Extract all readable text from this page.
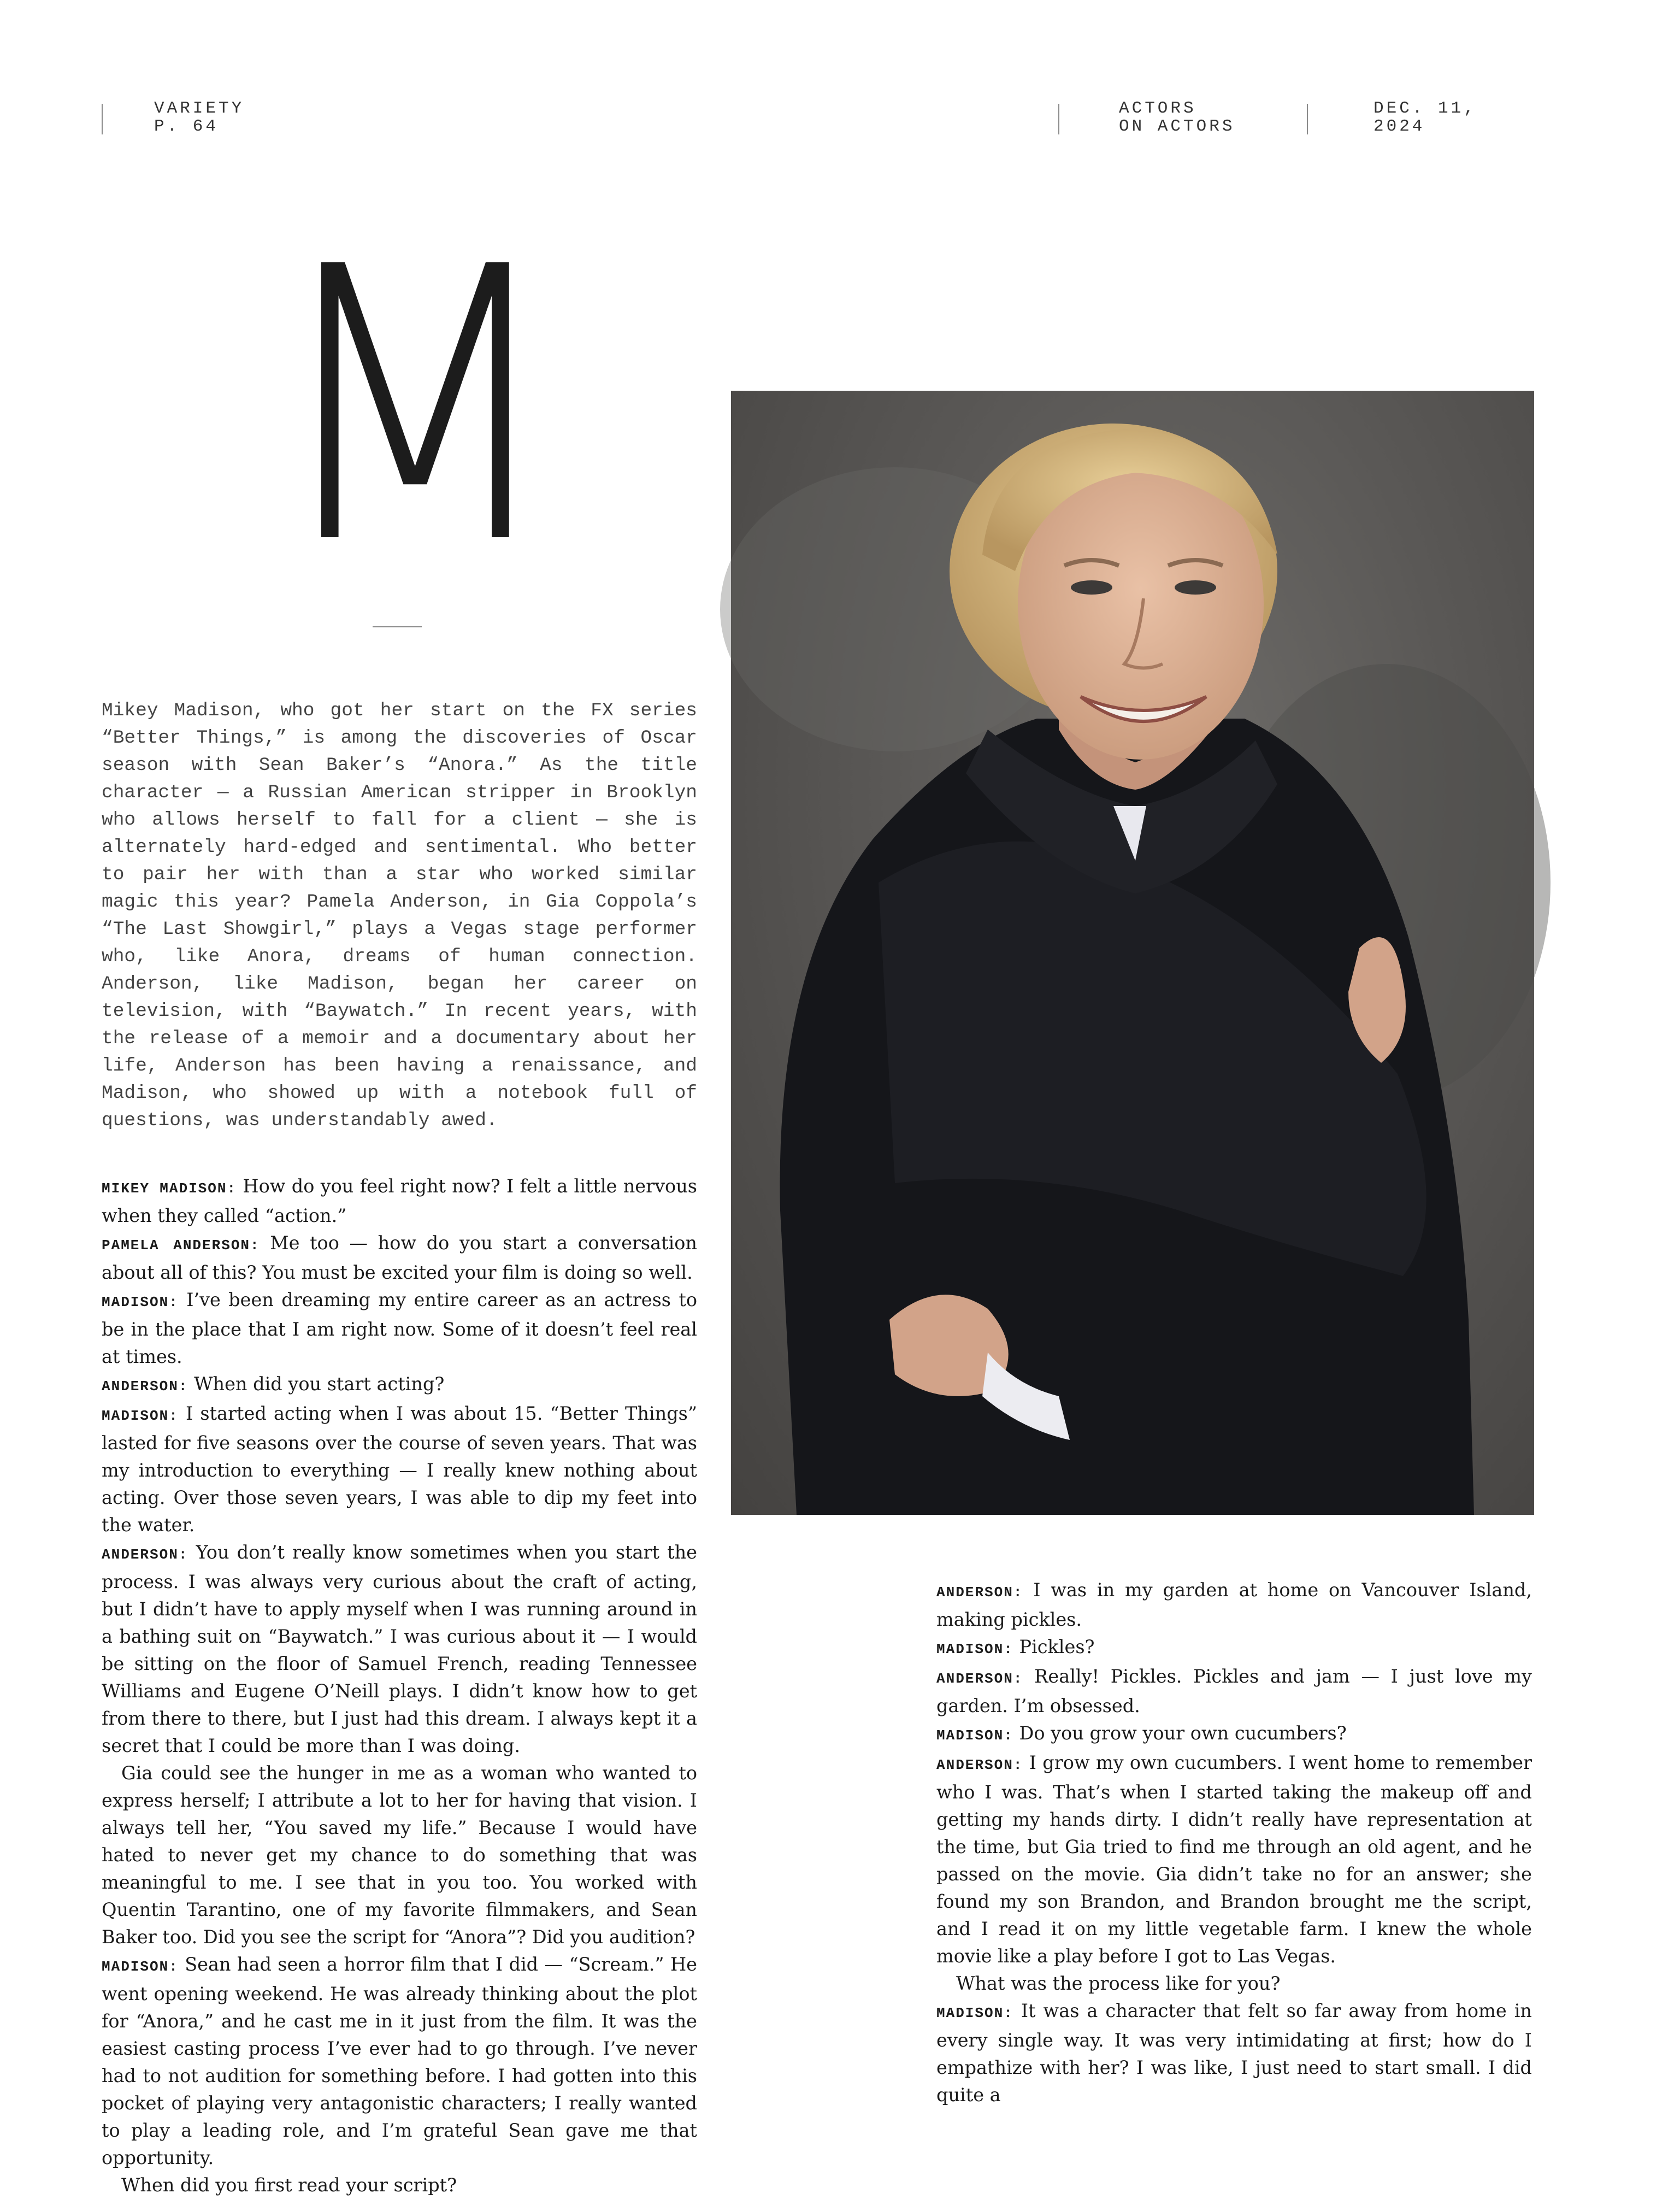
VARIETY
P. 64
ACTORS
ON ACTORS
DEC. 11,
2024
M

Mikey Madison, who got her start on the FX series “Better Things,” is among the discoveries of Oscar season with Sean Baker’s “Anora.” As the title character — a Russian American stripper in Brooklyn who allows herself to fall for a client — she is alternately hard-edged and sentimental. Who better to pair her with than a star who worked similar magic this year? Pamela Anderson, in Gia Coppola’s “The Last Showgirl,” plays a Vegas stage performer who, like Anora, dreams of human connection. Anderson, like Madison, began her career on television, with “Baywatch.” In recent years, with the release of a memoir and a documentary about her life, Anderson has been having a renaissance, and Madison, who showed up with a notebook full of questions, was understandably awed.

MIKEY MADISON: How do you feel right now? I felt a little nervous when they called “action.”

PAMELA ANDERSON: Me too — how do you start a conversation about all of this? You must be excited your film is doing so well.

MADISON: I’ve been dreaming my entire career as an actress to be in the place that I am right now. Some of it doesn’t feel real at times.

ANDERSON: When did you start acting?

MADISON: I started acting when I was about 15. “Better Things” lasted for five seasons over the course of seven years. That was my introduction to everything — I really knew nothing about acting. Over those seven years, I was able to dip my feet into the water.

ANDERSON: You don’t really know sometimes when you start the process. I was always very curious about the craft of acting, but I didn’t have to apply myself when I was running around in a bathing suit on “Baywatch.” I was curious about it — I would be sitting on the floor of Samuel French, reading Tennessee Williams and Eugene O’Neill plays. I didn’t know how to get from there to there, but I just had this dream. I always kept it a secret that I could be more than I was doing.

Gia could see the hunger in me as a woman who wanted to express herself; I attribute a lot to her for having that vision. I always tell her, “You saved my life.” Because I would have hated to never get my chance to do something that was meaningful to me. I see that in you too. You worked with Quentin Tarantino, one of my favorite filmmakers, and Sean Baker too. Did you see the script for “Anora”? Did you audition?

MADISON: Sean had seen a horror film that I did — “Scream.” He went opening weekend. He was already thinking about the plot for “Anora,” and he cast me in it just from the film. It was the easiest casting process I’ve ever had to go through. I’ve never had to not audition for something before. I had gotten into this pocket of playing very antagonistic characters; I really wanted to play a leading role, and I’m grateful Sean gave me that opportunity.

When did you first read your script?

ANDERSON: I was in my garden at home on Vancouver Island, making pickles.

MADISON: Pickles?

ANDERSON: Really! Pickles. Pickles and jam — I just love my garden. I’m obsessed.

MADISON: Do you grow your own cucumbers?

ANDERSON: I grow my own cucumbers. I went home to remember who I was. That’s when I started taking the makeup off and getting my hands dirty. I didn’t really have representation at the time, but Gia tried to find me through an old agent, and he passed on the movie. Gia didn’t take no for an answer; she found my son Brandon, and Brandon brought me the script, and I read it on my little vegetable farm. I knew the whole movie like a play before I got to Las Vegas.

What was the process like for you?

MADISON: It was a character that felt so far away from home in every single way. It was very intimidating at first; how do I empathize with her? I was like, I just need to start small. I did quite a
